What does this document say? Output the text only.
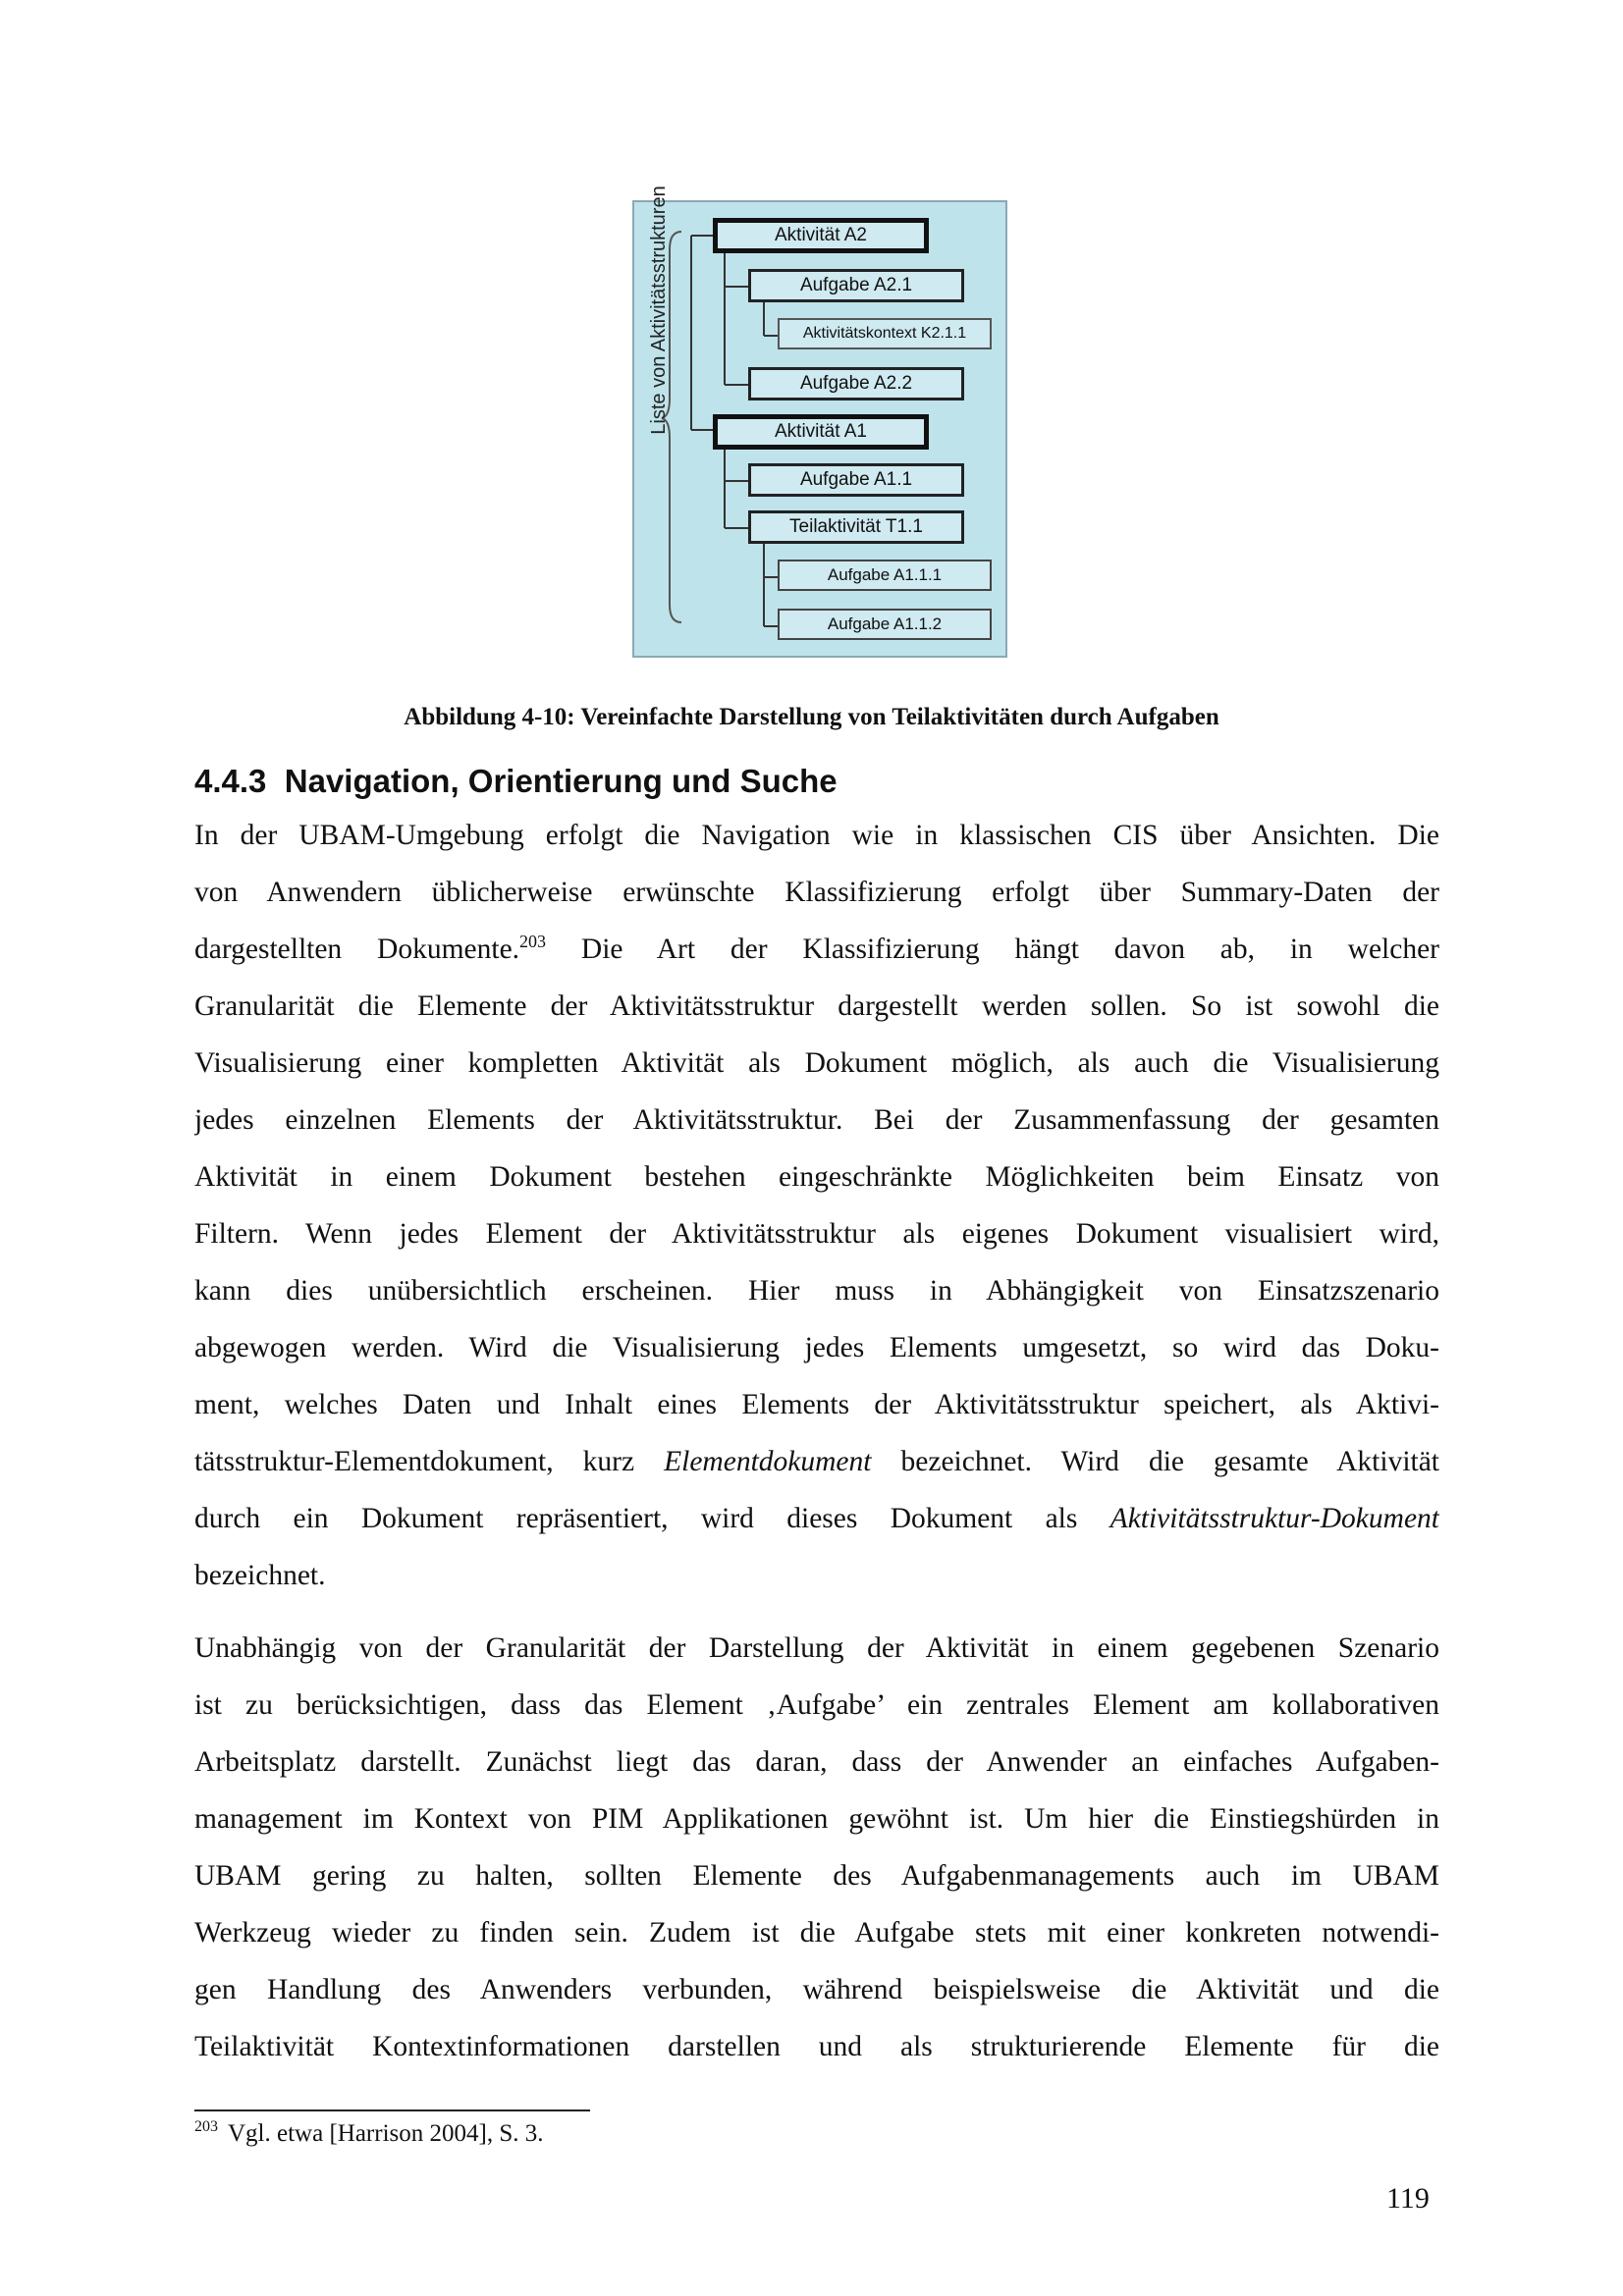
Liste von Aktivitätsstrukturen	Aktivität A2
Aufgabe A2.1
Aktivitätskontext K2.1.1
Aufgabe A2.2
Aktivität A1
Aufgabe A1.1
Teilaktivität T1.1
Aufgabe A1.1.1
Aufgabe A1.1.2
Abbildung 4-10: Vereinfachte Darstellung von Teilaktivitäten durch Aufgaben
4.4.3 Navigation, Orientierung und Suche
In der UBAM-Umgebung erfolgt die Navigation wie in klassischen CIS über Ansichten. Die
von Anwendern üblicherweise erwünschte Klassifizierung erfolgt über Summary-Daten der
dargestellten Dokumente.$^{203}$ Die Art der Klassifizierung hängt davon ab, in welcher
Granularität die Elemente der Aktivitätsstruktur dargestellt werden sollen. So ist sowohl die
Visualisierung einer kompletten Aktivität als Dokument möglich, als auch die Visualisierung
jedes einzelnen Elements der Aktivitätsstruktur. Bei der Zusammenfassung der gesamten
Aktivität in einem Dokument bestehen eingeschränkte Möglichkeiten beim Einsatz von
Filtern. Wenn jedes Element der Aktivitätsstruktur als eigenes Dokument visualisiert wird,
kann dies unübersichtlich erscheinen. Hier muss in Abhängigkeit von Einsatzszenario
abgewogen werden. Wird die Visualisierung jedes Elements umgesetzt, so wird das Doku-
ment, welches Daten und Inhalt eines Elements der Aktivitätsstruktur speichert, als Aktivi-
tätsstruktur-Elementdokument, kurz Elementdokument bezeichnet. Wird die gesamte Aktivität
durch ein Dokument repräsentiert, wird dieses Dokument als Aktivitätsstruktur-Dokument
bezeichnet.
Unabhängig von der Granularität der Darstellung der Aktivität in einem gegebenen Szenario
ist zu berücksichtigen, dass das Element ‚Aufgabe’ ein zentrales Element am kollaborativen
Arbeitsplatz darstellt. Zunächst liegt das daran, dass der Anwender an einfaches Aufgaben-
management im Kontext von PIM Applikationen gewöhnt ist. Um hier die Einstiegshürden in
UBAM gering zu halten, sollten Elemente des Aufgabenmanagements auch im UBAM
Werkzeug wieder zu finden sein. Zudem ist die Aufgabe stets mit einer konkreten notwendi-
gen Handlung des Anwenders verbunden, während beispielsweise die Aktivität und die
Teilaktivität Kontextinformationen darstellen und als strukturierende Elemente für die
$^{203}$ Vgl. etwa [Harrison 2004], S. 3.
119
